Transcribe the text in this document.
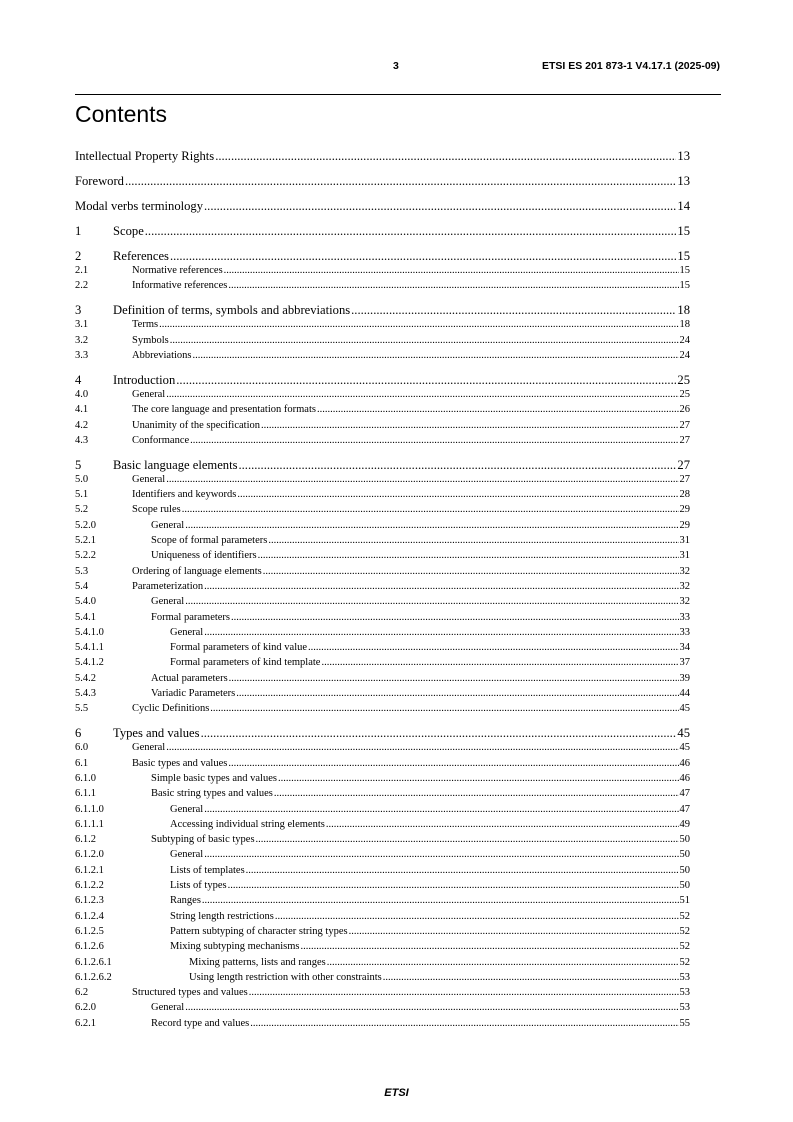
3	ETSI ES 201 873-1 V4.17.1 (2025-09)
Contents
Intellectual Property Rights .....	13
Foreword .....	13
Modal verbs terminology .....	14
1	Scope .....	15
2	References .....	15
2.1	Normative references .....	15
2.2	Informative references .....	15
3	Definition of terms, symbols and abbreviations .....	18
3.1	Terms .....	18
3.2	Symbols .....	24
3.3	Abbreviations .....	24
4	Introduction .....	25
4.0	General .....	25
4.1	The core language and presentation formats .....	26
4.2	Unanimity of the specification .....	27
4.3	Conformance .....	27
5	Basic language elements .....	27
5.0	General .....	27
5.1	Identifiers and keywords .....	28
5.2	Scope rules .....	29
5.2.0	General .....	29
5.2.1	Scope of formal parameters .....	31
5.2.2	Uniqueness of identifiers .....	31
5.3	Ordering of language elements .....	32
5.4	Parameterization .....	32
5.4.0	General .....	32
5.4.1	Formal parameters .....	33
5.4.1.0	General .....	33
5.4.1.1	Formal parameters of kind value .....	34
5.4.1.2	Formal parameters of kind template .....	37
5.4.2	Actual parameters .....	39
5.4.3	Variadic Parameters .....	44
5.5	Cyclic Definitions .....	45
6	Types and values .....	45
6.0	General .....	45
6.1	Basic types and values .....	46
6.1.0	Simple basic types and values .....	46
6.1.1	Basic string types and values .....	47
6.1.1.0	General .....	47
6.1.1.1	Accessing individual string elements .....	49
6.1.2	Subtyping of basic types .....	50
6.1.2.0	General .....	50
6.1.2.1	Lists of templates .....	50
6.1.2.2	Lists of types .....	50
6.1.2.3	Ranges .....	51
6.1.2.4	String length restrictions .....	52
6.1.2.5	Pattern subtyping of character string types .....	52
6.1.2.6	Mixing subtyping mechanisms .....	52
6.1.2.6.1	Mixing patterns, lists and ranges .....	52
6.1.2.6.2	Using length restriction with other constraints .....	53
6.2	Structured types and values .....	53
6.2.0	General .....	53
6.2.1	Record type and values .....	55
ETSI
